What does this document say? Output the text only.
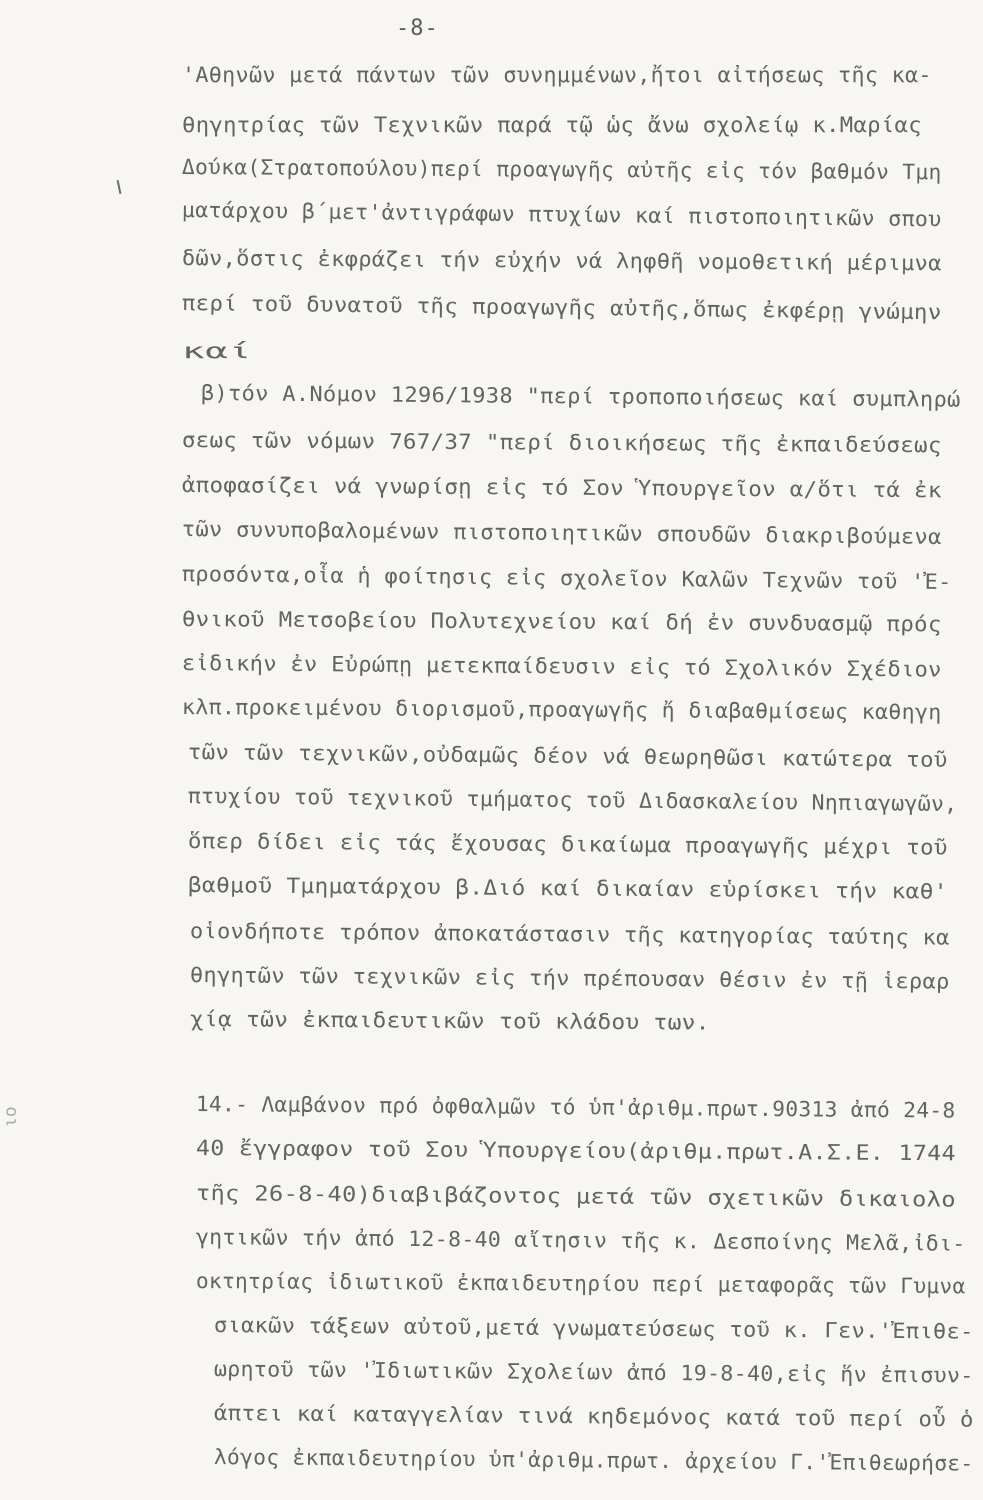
-8-
ιο
'Αθηνῶν μετά πάντων τῶν συνημμένων,ἤτοι αἰτήσεως τῆς κα-
θηγητρίας τῶν Τεχνικῶν παρά τῷ ὡς ἄνω σχολείῳ κ.Μαρίας
Δούκα(Στρατοπούλου)περί προαγωγῆς αὐτῆς εἰς τόν βαθμόν Τμη
ματάρχου β΄μετ'ἀντιγράφων πτυχίων καί πιστοποιητικῶν σπου
δῶν,ὅστις ἐκφράζει τήν εὐχήν νά ληφθῆ νομοθετική μέριμνα
περί τοῦ δυνατοῦ τῆς προαγωγῆς αὐτῆς,ὅπως ἐκφέρῃ γνώμην
καί
β)τόν Α.Νόμον 1296/1938 "περί τροποποιήσεως καί συμπληρώ
σεως τῶν νόμων 767/37 "περί διοικήσεως τῆς ἐκπαιδεύσεως
ἀποφασίζει νά γνωρίσῃ εἰς τό Σον Ὑπουργεῖον α/ὅτι τά ἐκ
τῶν συνυποβαλομένων πιστοποιητικῶν σπουδῶν διακριβούμενα
προσόντα,οἷα ἡ φοίτησις εἰς σχολεῖον Καλῶν Τεχνῶν τοῦ 'Ἐ-
θνικοῦ Μετσοβείου Πολυτεχνείου καί δή ἐν συνδυασμῷ πρός
εἰδικήν ἐν Εὐρώπῃ μετεκπαίδευσιν εἰς τό Σχολικόν Σχέδιον
κλπ.προκειμένου διορισμοῦ,προαγωγῆς ἤ διαβαθμίσεως καθηγη
τῶν τῶν τεχνικῶν,οὐδαμῶς δέον νά θεωρηθῶσι κατώτερα τοῦ
πτυχίου τοῦ τεχνικοῦ τμήματος τοῦ Διδασκαλείου Νηπιαγωγῶν,
ὅπερ δίδει εἰς τάς ἔχουσας δικαίωμα προαγωγῆς μέχρι τοῦ
βαθμοῦ Τμηματάρχου β.Διό καί δικαίαν εὑρίσκει τήν καθ'
οἱονδήποτε τρόπον ἀποκατάστασιν τῆς κατηγορίας ταύτης κα
θηγητῶν τῶν τεχνικῶν εἰς τήν πρέπουσαν θέσιν ἐν τῇ ἱεραρ
χίᾳ τῶν ἐκπαιδευτικῶν τοῦ κλάδου των.
14.- Λαμβάνον πρό ὀφθαλμῶν τό ὑπ'ἀριθμ.πρωτ.90313 ἀπό 24-8
40 ἔγγραφον τοῦ Σου Ὑπουργείου(ἀριθμ.πρωτ.Α.Σ.Ε. 1744
τῆς 26-8-40)διαβιβάζοντος μετά τῶν σχετικῶν δικαιολο
γητικῶν τήν ἀπό 12-8-40 αἴτησιν τῆς κ. Δεσποίνης Μελᾶ,ἰδι-
οκτητρίας ἰδιωτικοῦ ἐκπαιδευτηρίου περί μεταφορᾶς τῶν Γυμνα
σιακῶν τάξεων αὐτοῦ,μετά γνωματεύσεως τοῦ κ. Γεν.'Ἐπιθε-
ωρητοῦ τῶν 'Ἰδιωτικῶν Σχολείων ἀπό 19-8-40,εἰς ἥν ἐπισυν-
άπτει καί καταγγελίαν τινά κηδεμόνος κατά τοῦ περί οὗ ὁ
λόγος ἐκπαιδευτηρίου ὑπ'ἀριθμ.πρωτ. ἀρχείου Γ.'Ἐπιθεωρήσε-
